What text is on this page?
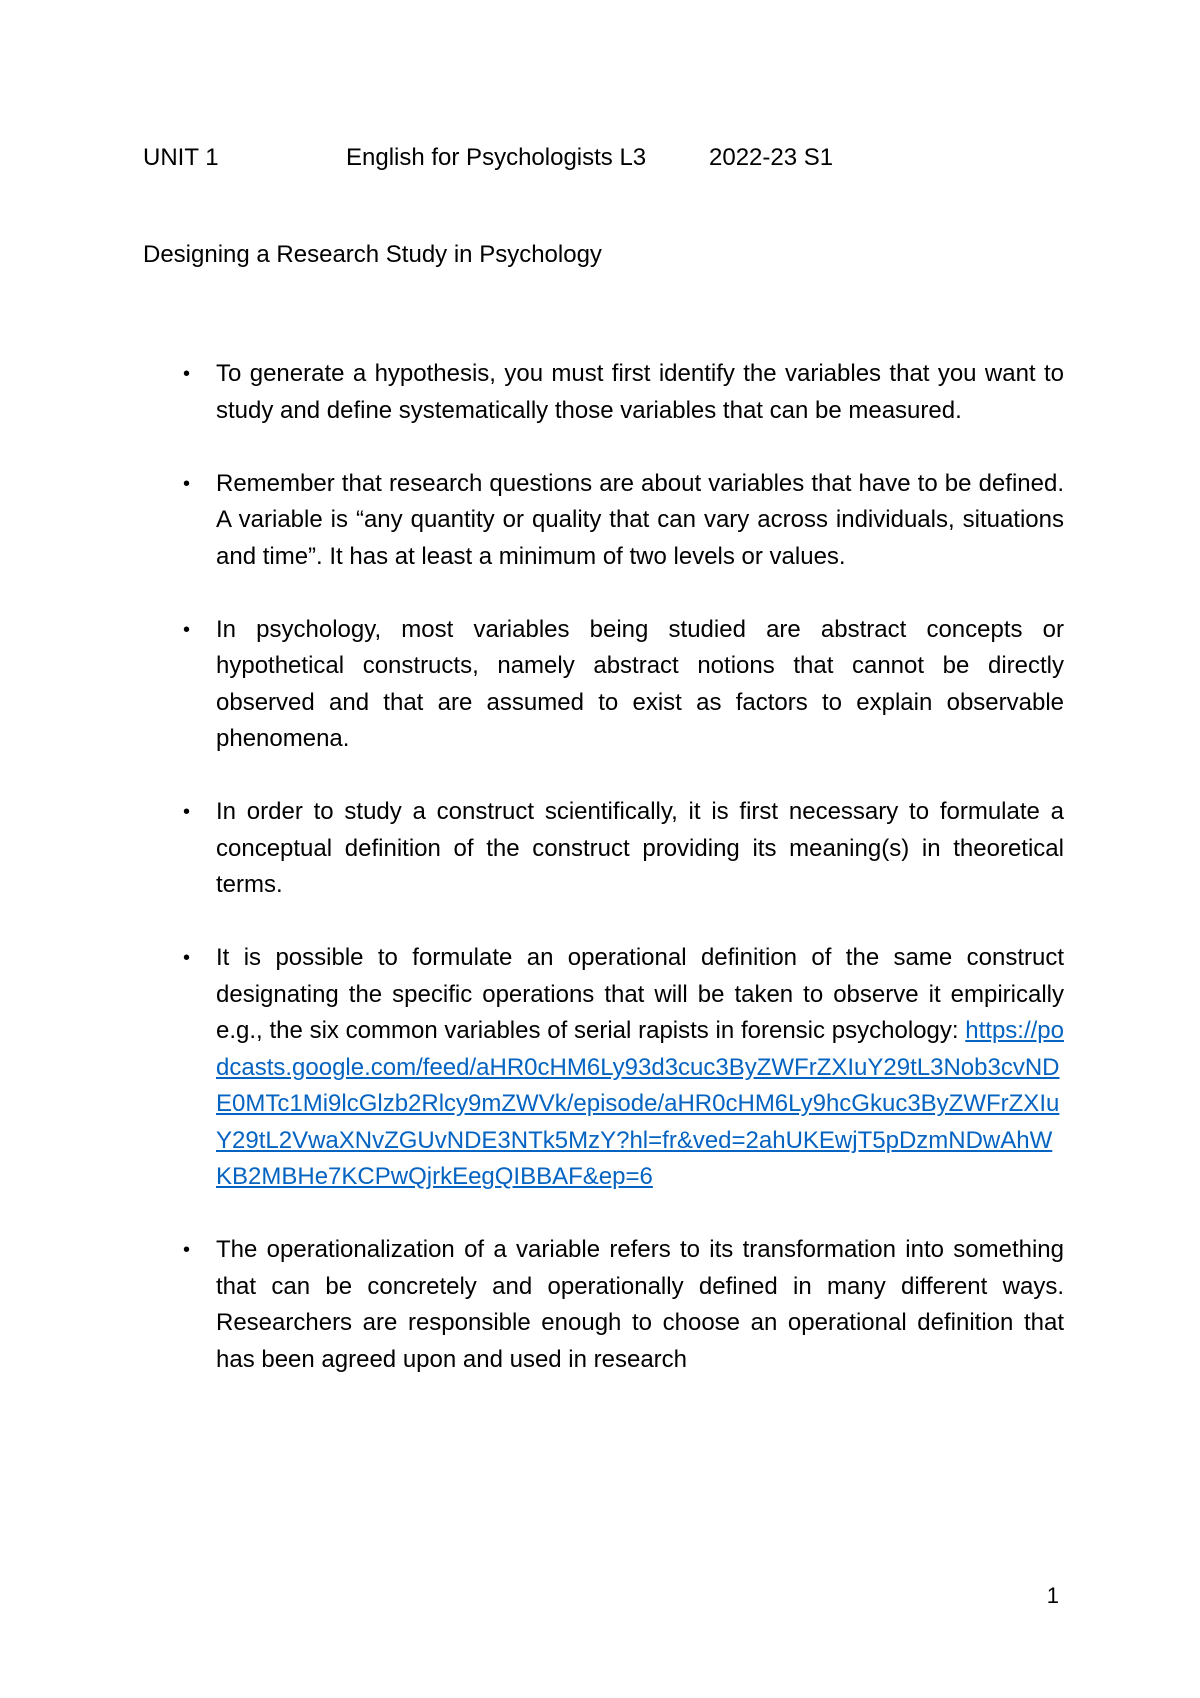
UNIT 1	English for Psychologists L3	2022-23 S1
Designing a Research Study in Psychology
• To generate a hypothesis, you must first identify the variables that you want to study and define systematically those variables that can be measured.
• Remember that research questions are about variables that have to be defined. A variable is “any quantity or quality that can vary across individuals, situations and time”. It has at least a minimum of two levels or values.
• In psychology, most variables being studied are abstract concepts or hypothetical constructs, namely abstract notions that cannot be directly observed and that are assumed to exist as factors to explain observable phenomena.
• In order to study a construct scientifically, it is first necessary to formulate a conceptual definition of the construct providing its meaning(s) in theoretical terms.
• It is possible to formulate an operational definition of the same construct designating the specific operations that will be taken to observe it empirically e.g., the six common variables of serial rapists in forensic psychology: https://podcasts.google.com/feed/aHR0cHM6Ly93d3cuc3ByZWFrZXIuY29tL3Nob3cvNDE0MTc1Mi9lcGlzb2Rlcy9mZWVk/episode/aHR0cHM6Ly9hcGkuc3ByZWFrZXIuY29tL2VwaXNvZGUvNDE3NTk5MzY?hl=fr&ved=2ahUKEwjT5pDzmNDwAhWKB2MBHe7KCPwQjrkEegQIBBAF&ep=6
• The operationalization of a variable refers to its transformation into something that can be concretely and operationally defined in many different ways. Researchers are responsible enough to choose an operational definition that has been agreed upon and used in research
1
